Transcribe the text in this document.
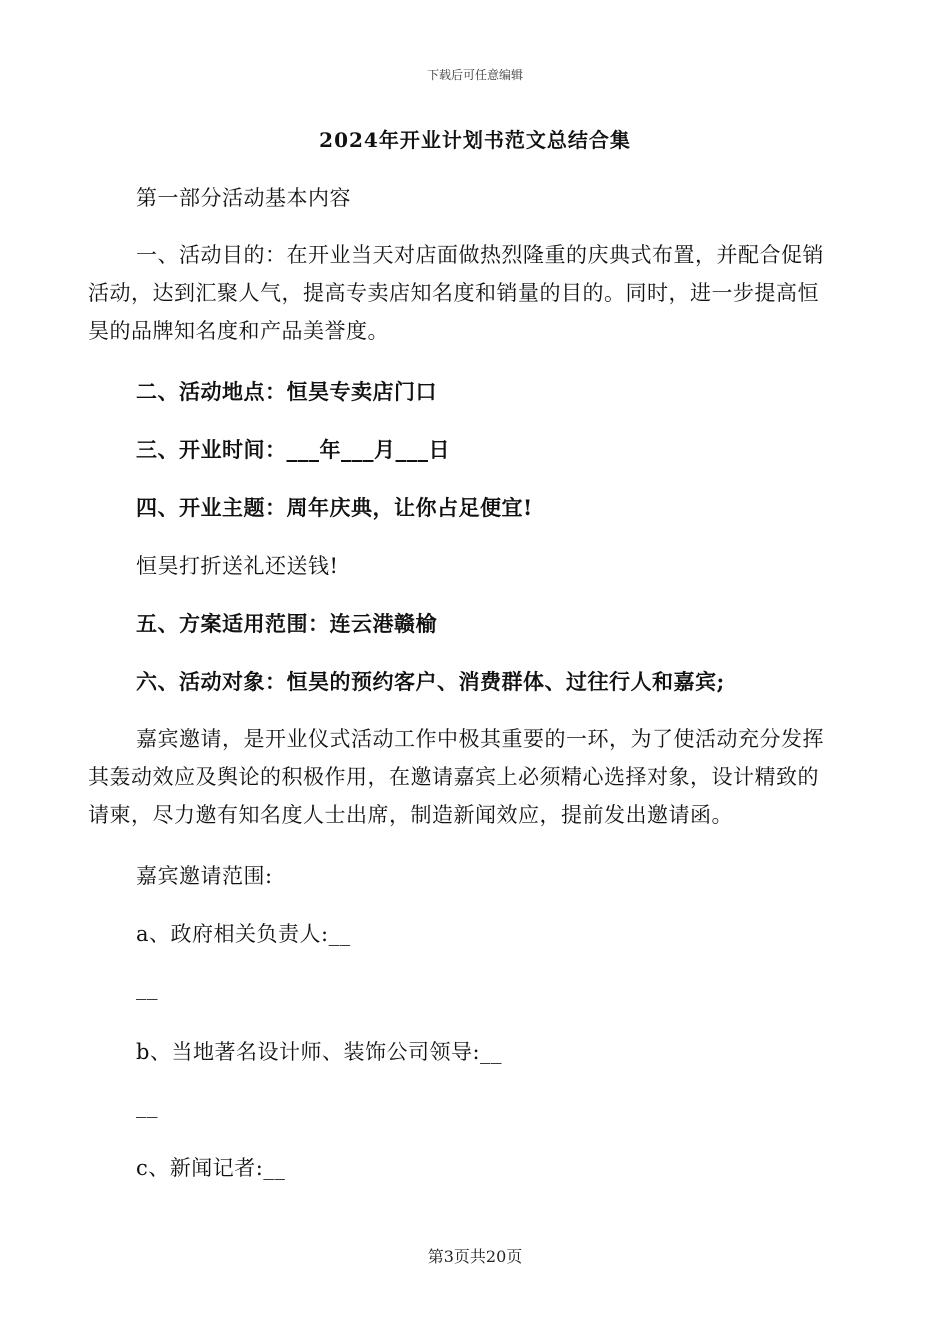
下载后可任意编辑
2024年开业计划书范文总结合集
第一部分活动基本内容
一、活动目的：在开业当天对店面做热烈隆重的庆典式布置，并配合促销
活动，达到汇聚人气，提高专卖店知名度和销量的目的。同时，进一步提高恒
昊的品牌知名度和产品美誉度。
二、活动地点：恒昊专卖店门口
三、开业时间：___年___月___日
四、开业主题：周年庆典，让你占足便宜!
恒昊打折送礼还送钱!
五、方案适用范围：连云港赣榆
六、活动对象：恒昊的预约客户、消费群体、过往行人和嘉宾;
嘉宾邀请，是开业仪式活动工作中极其重要的一环，为了使活动充分发挥
其轰动效应及舆论的积极作用，在邀请嘉宾上必须精心选择对象，设计精致的
请柬，尽力邀有知名度人士出席，制造新闻效应，提前发出邀请函。
嘉宾邀请范围:
a、政府相关负责人:__
__
b、当地著名设计师、装饰公司领导:__
__
c、新闻记者:__
第3页共20页
